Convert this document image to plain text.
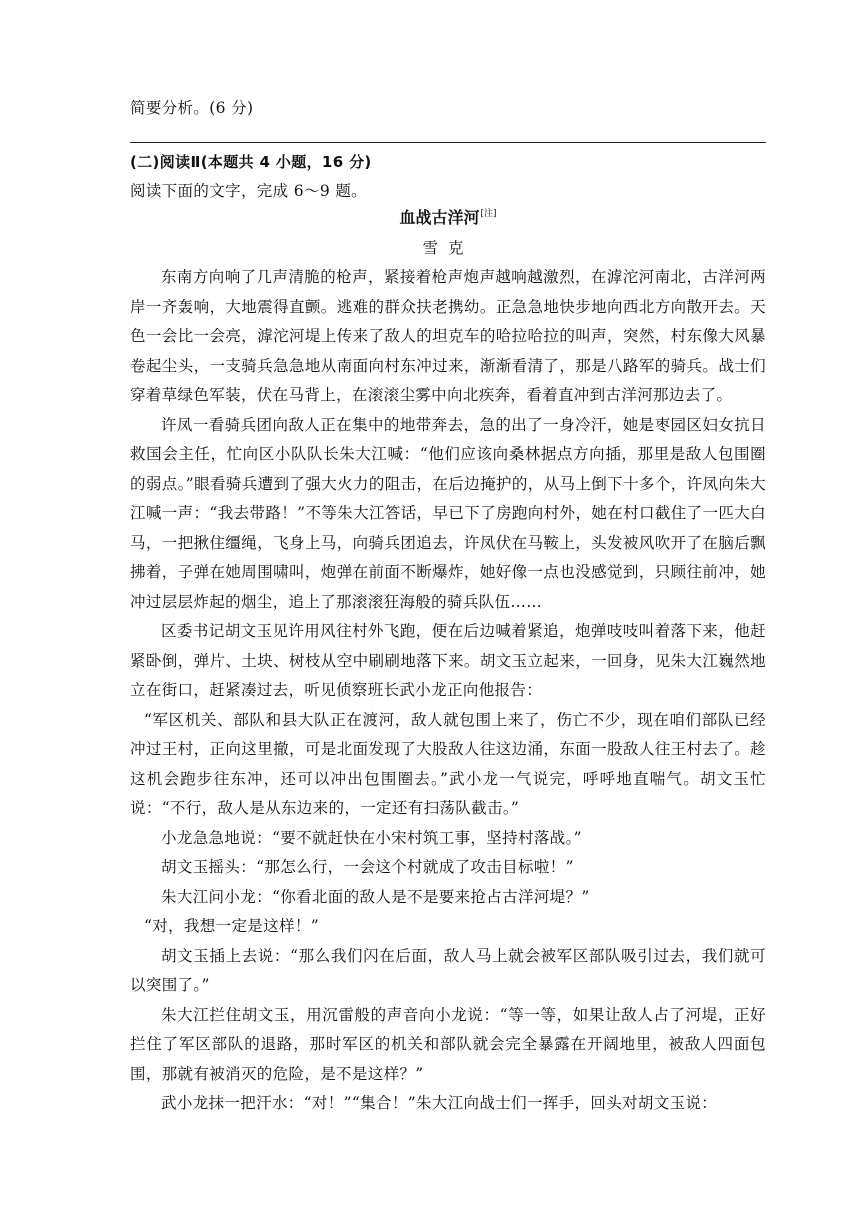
简要分析。(6 分)
(二)阅读Ⅱ(本题共 4 小题，16 分)
阅读下面的文字，完成 6～9 题。
血战古洋河[注]
雪克

东南方向响了几声清脆的枪声，紧接着枪声炮声越响越激烈，在滹沱河南北，古洋河两岸一齐轰响，大地震得直颤。逃难的群众扶老携幼。正急急地快步地向西北方向散开去。天色一会比一会亮，滹沱河堤上传来了敌人的坦克车的哈拉哈拉的叫声，突然，村东像大风暴卷起尘头，一支骑兵急急地从南面向村东冲过来，渐渐看清了，那是八路军的骑兵。战士们穿着草绿色军装，伏在马背上，在滚滚尘雾中向北疾奔，看着直冲到古洋河那边去了。

许凤一看骑兵团向敌人正在集中的地带奔去，急的出了一身冷汗，她是枣园区妇女抗日救国会主任，忙向区小队队长朱大江喊：“他们应该向桑林据点方向插，那里是敌人包围圈的弱点。”眼看骑兵遭到了强大火力的阻击，在后边掩护的，从马上倒下十多个，许凤向朱大江喊一声：“我去带路！”不等朱大江答话，早已下了房跑向村外，她在村口截住了一匹大白马，一把揪住缰绳，飞身上马，向骑兵团追去，许凤伏在马鞍上，头发被风吹开了在脑后飘拂着，子弹在她周围啸叫，炮弹在前面不断爆炸，她好像一点也没感觉到，只顾往前冲，她冲过层层炸起的烟尘，追上了那滚滚狂海般的骑兵队伍……

区委书记胡文玉见许用风往村外飞跑，便在后边喊着紧追，炮弹吱吱叫着落下来，他赶紧卧倒，弹片、土块、树枝从空中刷刷地落下来。胡文玉立起来，一回身，见朱大江巍然地立在街口，赶紧凑过去，听见侦察班长武小龙正向他报告：

“军区机关、部队和县大队正在渡河，敌人就包围上来了，伤亡不少，现在咱们部队已经冲过王村，正向这里撤，可是北面发现了大股敌人往这边涌，东面一股敌人往王村去了。趁这机会跑步往东冲，还可以冲出包围圈去。”武小龙一气说完，呼呼地直喘气。胡文玉忙说：“不行，敌人是从东边来的，一定还有扫荡队截击。”

小龙急急地说：“要不就赶快在小宋村筑工事，坚持村落战。”

胡文玉摇头：“那怎么行，一会这个村就成了攻击目标啦！”

朱大江问小龙：“你看北面的敌人是不是要来抢占古洋河堤？”

“对，我想一定是这样！”

胡文玉插上去说：“那么我们闪在后面，敌人马上就会被军区部队吸引过去，我们就可以突围了。”

朱大江拦住胡文玉，用沉雷般的声音向小龙说：“等一等，如果让敌人占了河堤，正好拦住了军区部队的退路，那时军区的机关和部队就会完全暴露在开阔地里，被敌人四面包围，那就有被消灭的危险，是不是这样？”

武小龙抹一把汗水：“对！”“集合！”朱大江向战士们一挥手，回头对胡文玉说：
